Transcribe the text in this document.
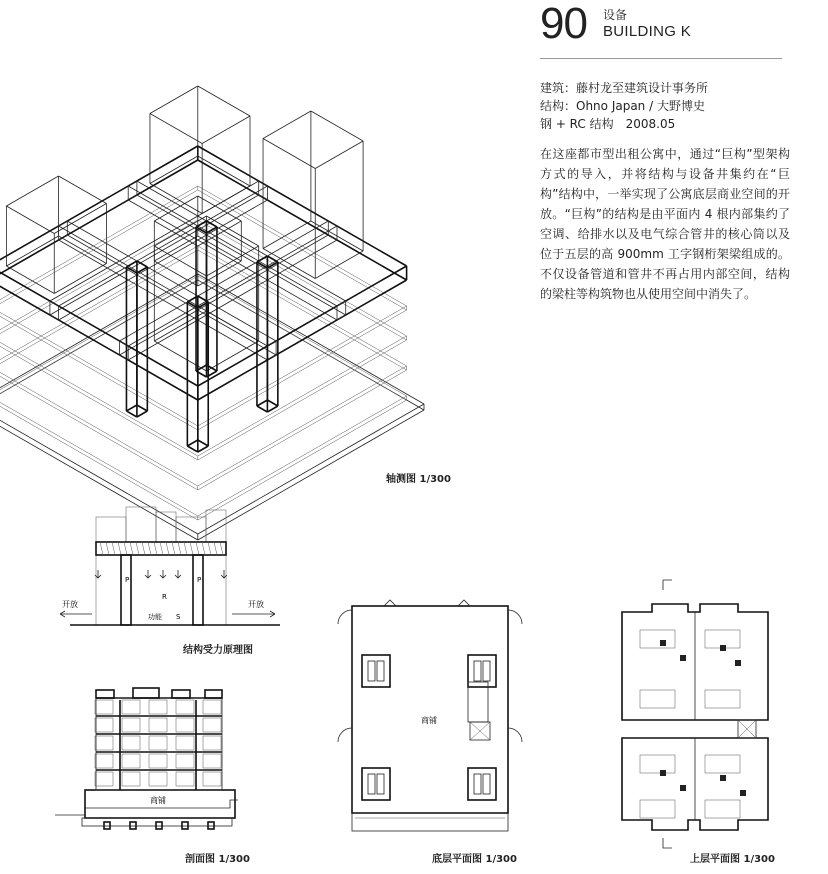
90 设备
BUILDING K
建筑：藤村龙至建筑设计事务所
结构：Ohno Japan / 大野博史
钢 + RC 结构　2008.05
在这座都市型出租公寓中，通过“巨构”型架构方式的导入，并将结构与设备井集约在“巨构”结构中，一举实现了公寓底层商业空间的开放。“巨构”的结构是由平面内 4 根内部集约了空调、给排水以及电气综合管井的核心筒以及位于五层的高 900mm 工字钢桁架梁组成的。不仅设备管道和管井不再占用内部空间，结构的梁柱等构筑物也从使用空间中消失了。
轴测图 1/300
开放	开放
P	P
R
功能 S
结构受力原理图
商铺
剖面图 1/300
商铺
底层平面图 1/300	上层平面图 1/300
